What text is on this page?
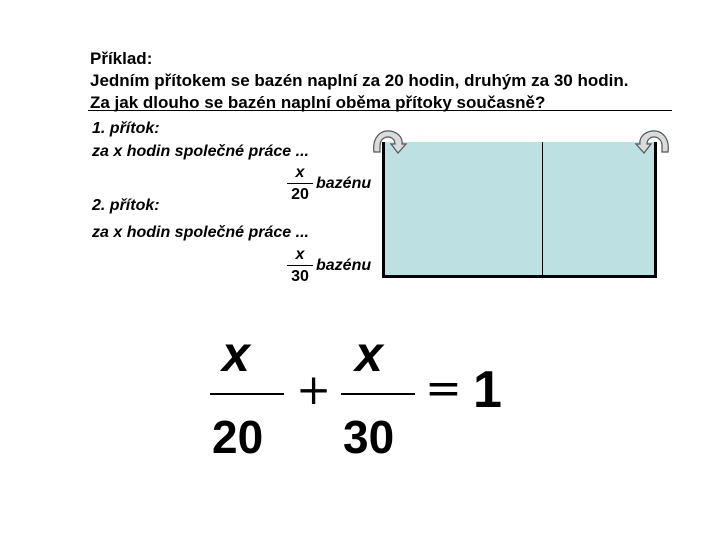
Příklad:
Jedním přítokem se bazén naplní za 20 hodin, druhým za 30 hodin.
Za jak dlouho se bazén naplní oběma přítoky současně?
1. přítok:
za x hodin společné práce ...
x
20
bazénu
2. přítok:
za x hodin společné práce ...
x
30
bazénu
x
20
+
x
30
= 1
